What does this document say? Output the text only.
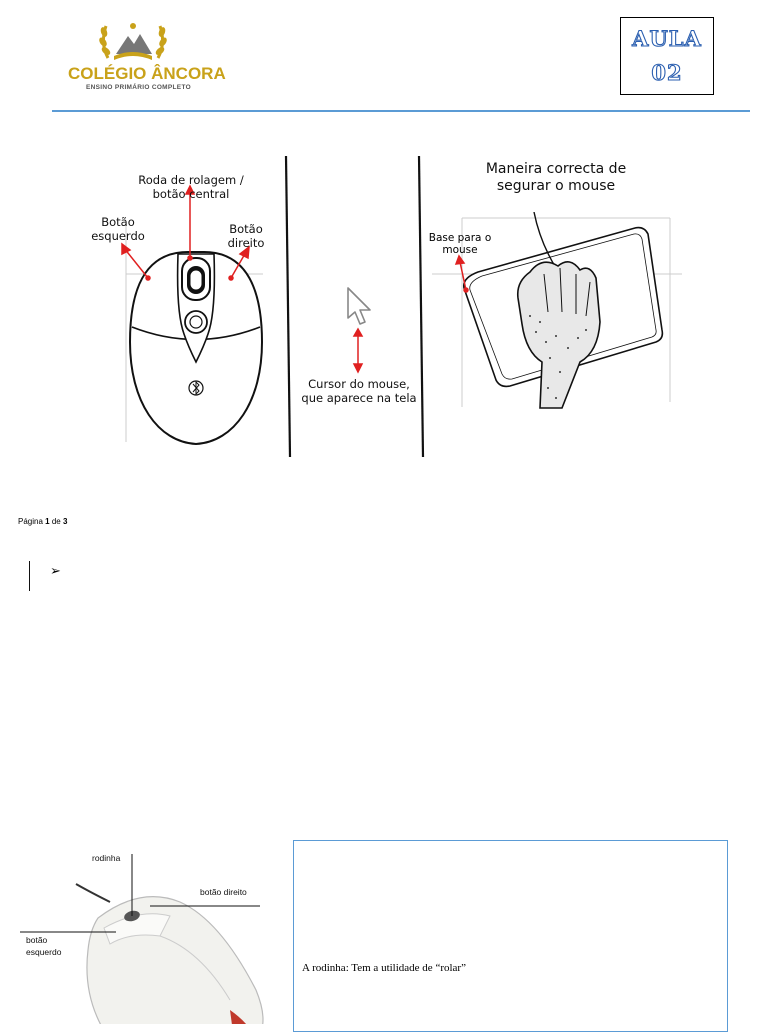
COLÉGIO ÂNCORA
ENSINO PRIMÁRIO COMPLETO
AULA
02
Roda de rolagem /
botão central
Botão
esquerdo	Botão
direito
Cursor do mouse,
que aparece na tela
Maneira correcta de
segurar o mouse
Base para o
mouse
Página 1 de 3
➢
rodinha
botão direito
botão
esquerdo
A rodinha: Tem a utilidade de “rolar”
